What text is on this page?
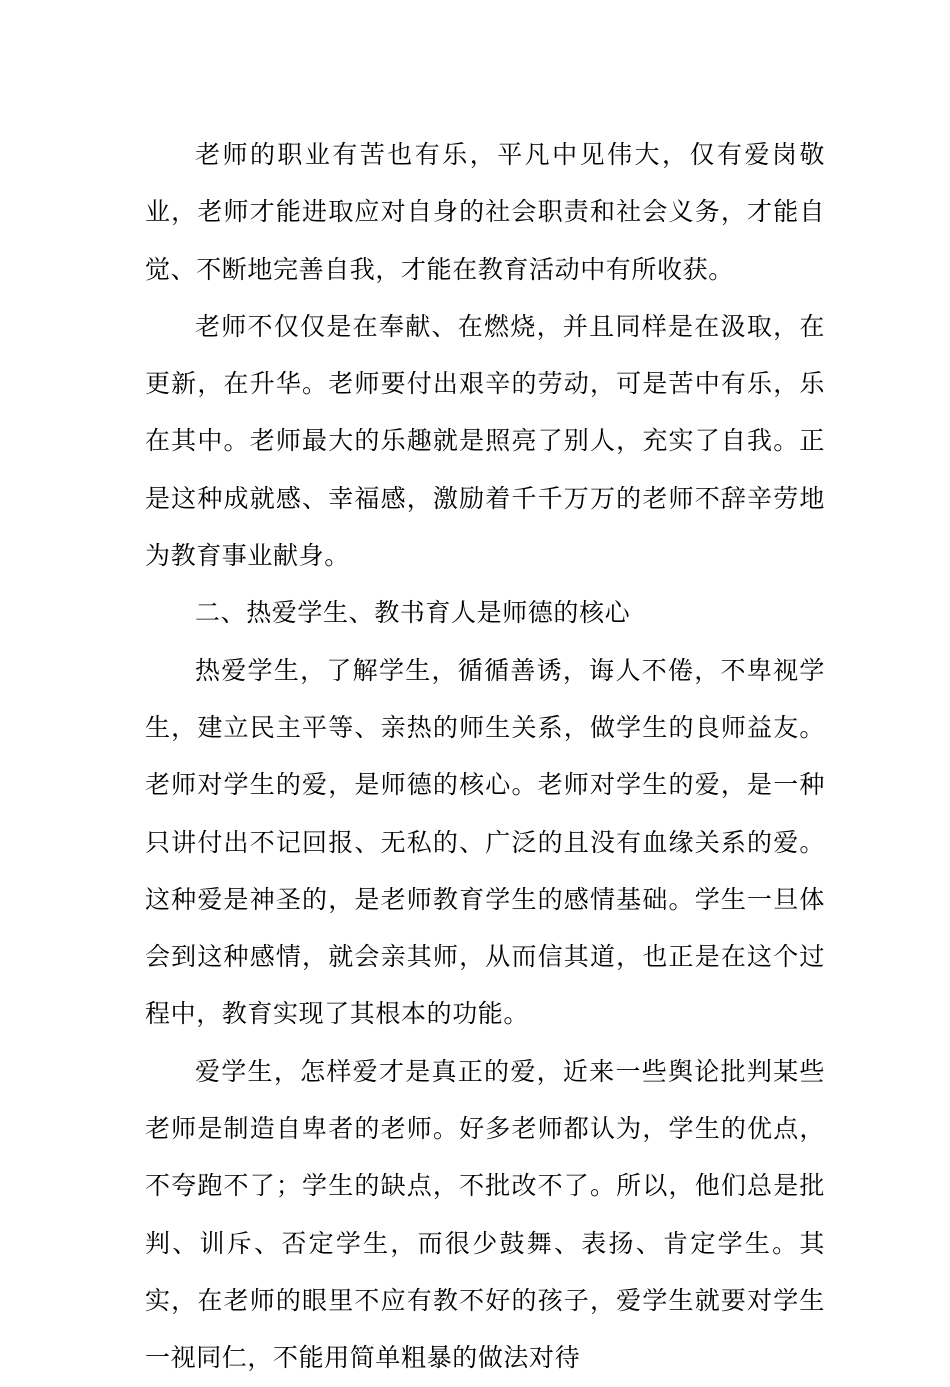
老师的职业有苦也有乐，平凡中见伟大，仅有爱岗敬业，老师才能进取应对自身的社会职责和社会义务，才能自觉、不断地完善自我，才能在教育活动中有所收获。

老师不仅仅是在奉献、在燃烧，并且同样是在汲取，在更新，在升华。老师要付出艰辛的劳动，可是苦中有乐，乐在其中。老师最大的乐趣就是照亮了别人，充实了自我。正是这种成就感、幸福感，激励着千千万万的老师不辞辛劳地为教育事业献身。

二、热爱学生、教书育人是师德的核心

热爱学生，了解学生，循循善诱，诲人不倦，不卑视学生，建立民主平等、亲热的师生关系，做学生的良师益友。老师对学生的爱，是师德的核心。老师对学生的爱，是一种只讲付出不记回报、无私的、广泛的且没有血缘关系的爱。这种爱是神圣的，是老师教育学生的感情基础。学生一旦体会到这种感情，就会亲其师，从而信其道，也正是在这个过程中，教育实现了其根本的功能。

爱学生，怎样爱才是真正的爱，近来一些舆论批判某些老师是制造自卑者的老师。好多老师都认为，学生的优点，不夸跑不了；学生的缺点，不批改不了。所以，他们总是批判、训斥、否定学生，而很少鼓舞、表扬、肯定学生。其实，在老师的眼里不应有教不好的孩子，爱学生就要对学生一视同仁，不能用简单粗暴的做法对待
